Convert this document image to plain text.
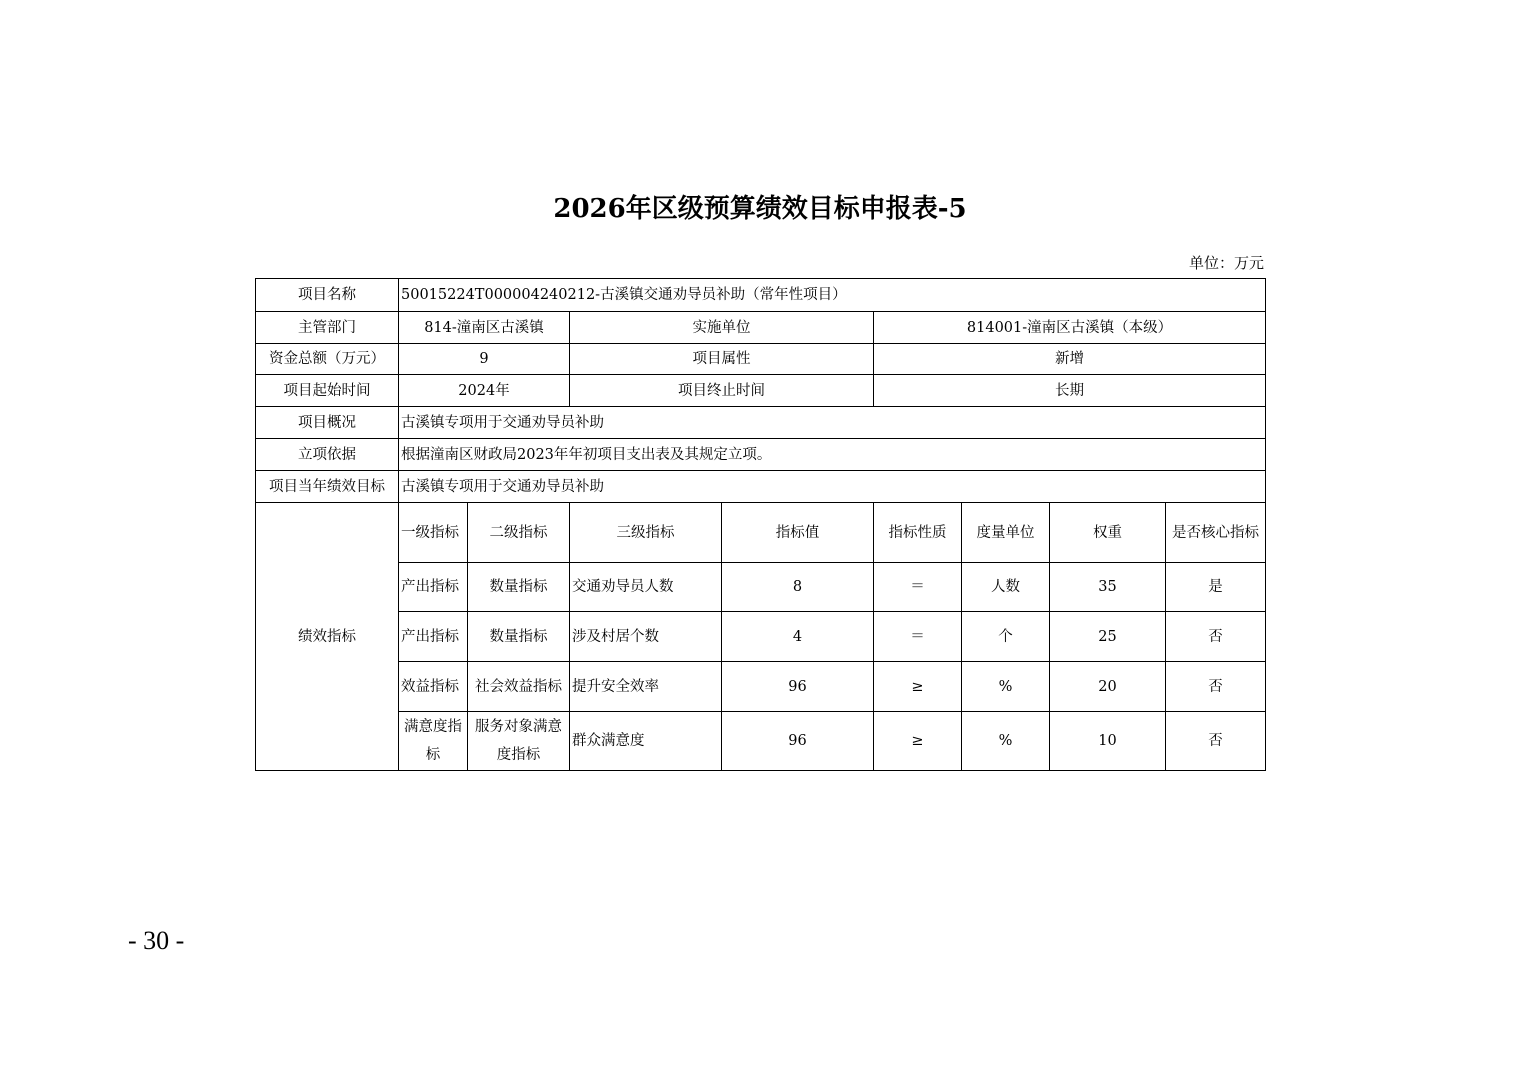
2026年区级预算绩效目标申报表-5
单位：万元
项目名称	50015224T000004240212-古溪镇交通劝导员补助（常年性项目）							
主管部门	814-潼南区古溪镇		实施单位		814001-潼南区古溪镇（本级）			
资金总额（万元）	9		项目属性		新增			
项目起始时间	2024年		项目终止时间		长期			
项目概况	古溪镇专项用于交通劝导员补助							
立项依据	根据潼南区财政局2023年年初项目支出表及其规定立项。							
项目当年绩效目标	古溪镇专项用于交通劝导员补助							
绩效指标	一级指标	二级指标	三级指标	指标值	指标性质	度量单位	权重	是否核心指标
	产出指标	数量指标	交通劝导员人数	8	＝	人数	35	是
	产出指标	数量指标	涉及村居个数	4	＝	个	25	否
	效益指标	社会效益指标	提升安全效率	96	≥	%	20	否
	满意度指标	服务对象满意度指标	群众满意度	96	≥	%	10	否
- 30 -
